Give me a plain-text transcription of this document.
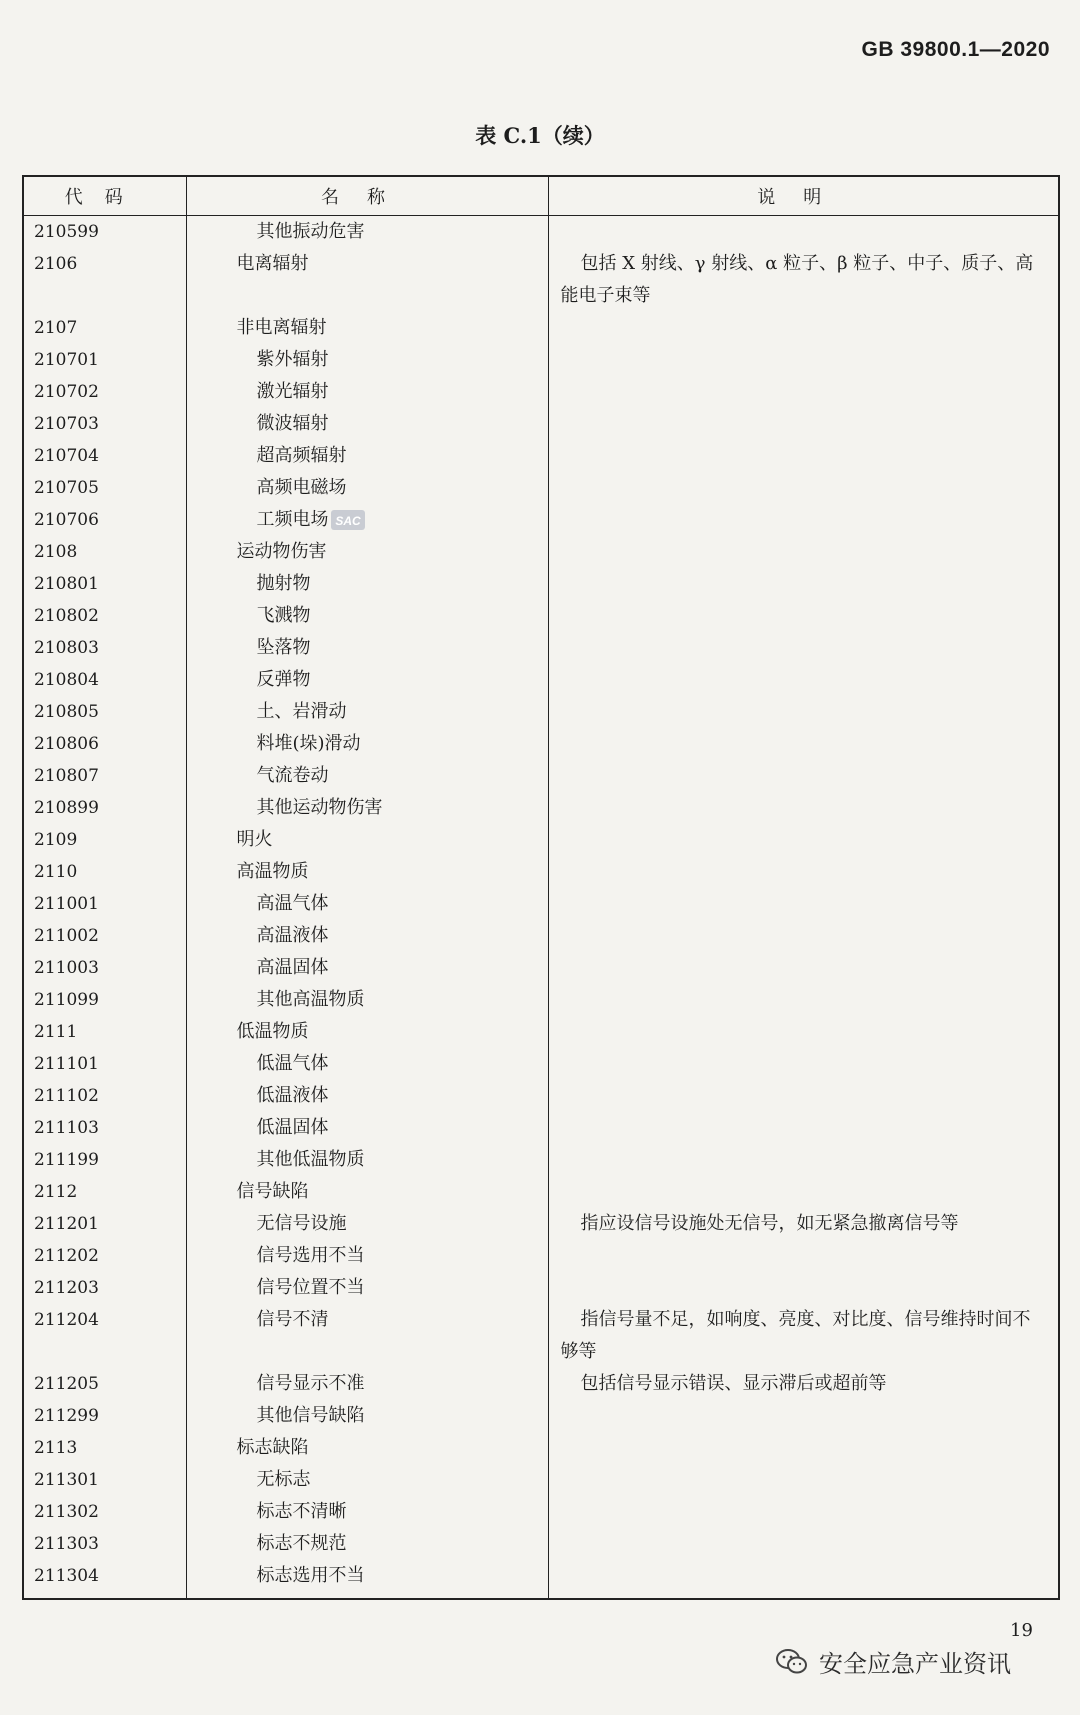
GB 39800.1—2020
表 C.1（续）
代码	名称	说明
210599	其他振动危害	
2106	电离辐射	包括 X 射线、γ 射线、α 粒子、β 粒子、中子、质子、高能电子束等
2107	非电离辐射	
210701	紫外辐射	
210702	激光辐射	
210703	微波辐射	
210704	超高频辐射	
210705	高频电磁场	
210706	工频电场 SAC	

2108	运动物伤害	
210801	抛射物	
210802	飞溅物	
210803	坠落物	
210804	反弹物	
210805	土、岩滑动	
210806	料堆(垛)滑动	
210807	气流卷动	
210899	其他运动物伤害	
2109	明火	
2110	高温物质	
211001	高温气体	
211002	高温液体	
211003	高温固体	
211099	其他高温物质	
2111	低温物质	
211101	低温气体	
211102	低温液体	
211103	低温固体	
211199	其他低温物质	
2112	信号缺陷	
211201	无信号设施	指应设信号设施处无信号，如无紧急撤离信号等
211202	信号选用不当	
211203	信号位置不当	
211204	信号不清	指信号量不足，如响度、亮度、对比度、信号维持时间不够等
211205	信号显示不准	包括信号显示错误、显示滞后或超前等
211299	其他信号缺陷	
2113	标志缺陷	
211301	无标志	
211302	标志不清晰	
211303	标志不规范	
211304	标志选用不当	
19
安全应急产业资讯
